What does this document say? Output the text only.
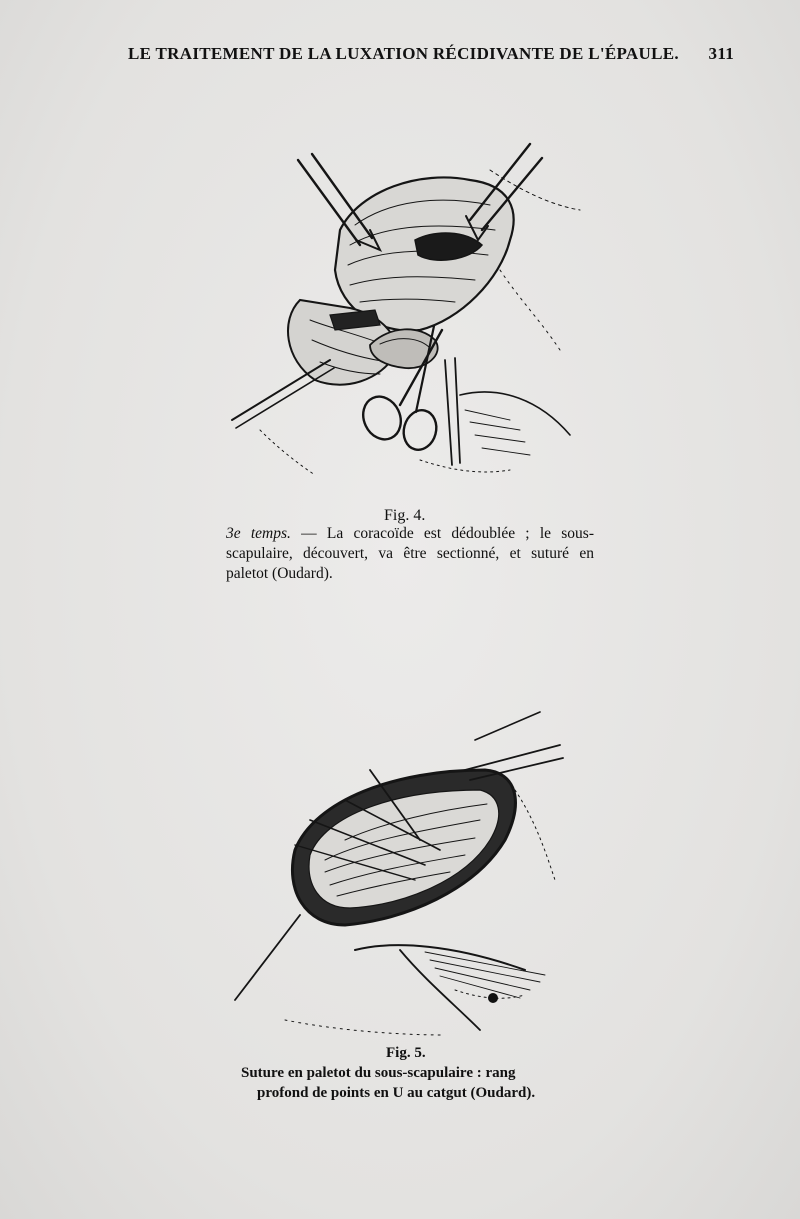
LE TRAITEMENT DE LA LUXATION RÉCIDIVANTE DE L'ÉPAULE. 311
Fig. 4.
3e temps. — La coracoïde est dédoublée ; le sous-scapulaire, découvert, va être sectionné, et suturé en paletot (Oudard).
Fig. 5.
Suture en paletot du sous-scapulaire : rang
profond de points en U au catgut (Oudard).
